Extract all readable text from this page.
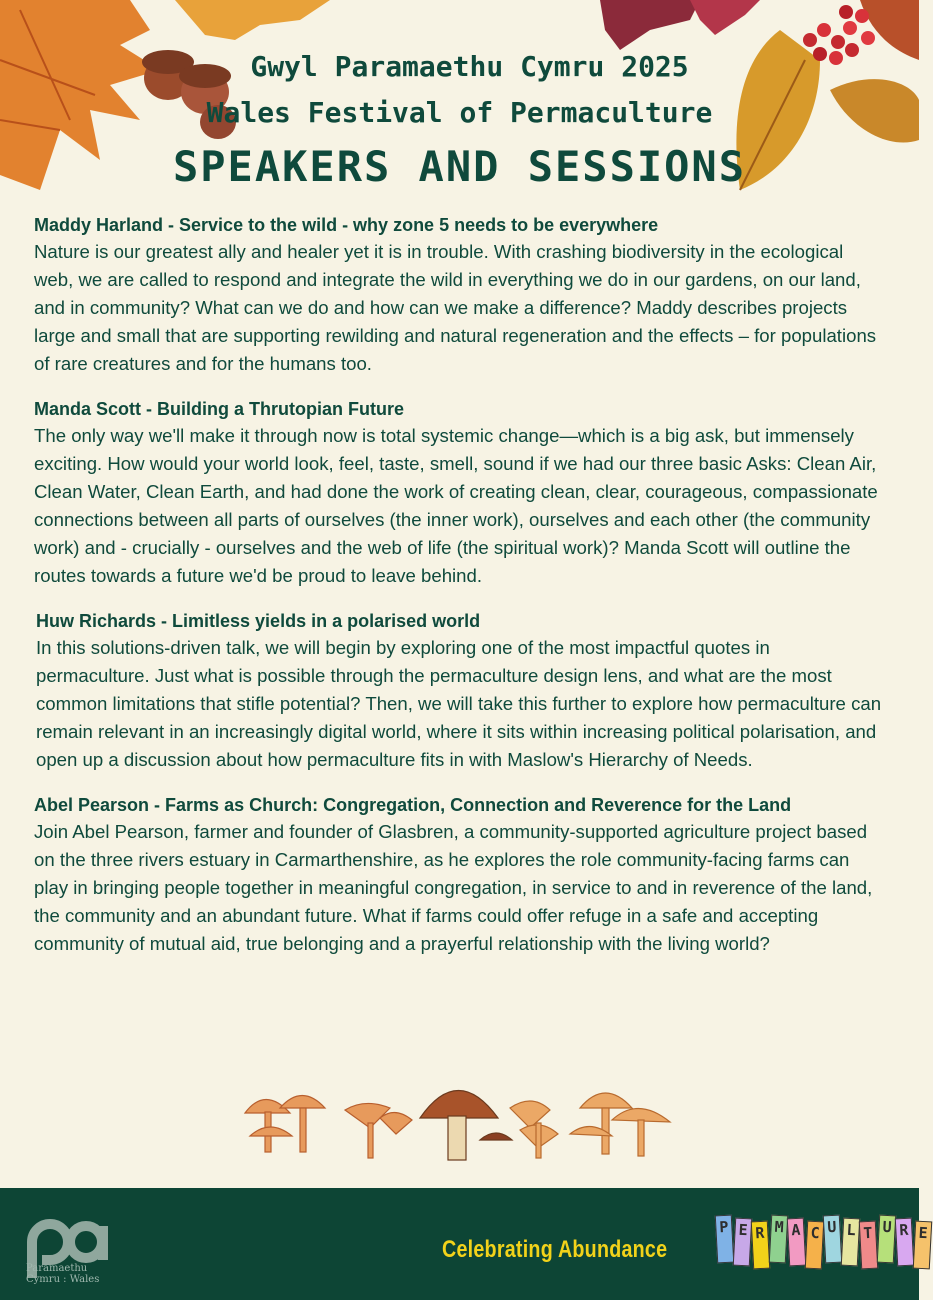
Gwyl Paramaethu Cymru 2025
Wales Festival of Permaculture
SPEAKERS AND SESSIONS
Maddy Harland - Service to the wild - why zone 5 needs to be everywhere

Nature is our greatest ally and healer yet it is in trouble. With crashing biodiversity in the ecological web, we are called to respond and integrate the wild in everything we do in our gardens, on our land, and in community? What can we do and how can we make a difference? Maddy describes projects large and small that are supporting rewilding and natural regeneration and the effects – for populations of rare creatures and for the humans too.

Manda Scott - Building a Thrutopian Future

The only way we'll make it through now is total systemic change—which is a big ask, but immensely exciting. How would your world look, feel, taste, smell, sound if we had our three basic Asks: Clean Air, Clean Water, Clean Earth, and had done the work of creating clean, clear, courageous, compassionate connections between all parts of ourselves (the inner work), ourselves and each other (the community work) and - crucially - ourselves and the web of life (the spiritual work)? Manda Scott will outline the routes towards a future we'd be proud to leave behind.

Huw Richards - Limitless yields in a polarised world

In this solutions-driven talk, we will begin by exploring one of the most impactful quotes in permaculture. Just what is possible through the permaculture design lens, and what are the most common limitations that stifle potential? Then, we will take this further to explore how permaculture can remain relevant in an increasingly digital world, where it sits within increasing political polarisation, and open up a discussion about how permaculture fits in with Maslow's Hierarchy of Needs.

Abel Pearson - Farms as Church: Congregation, Connection and Reverence for the Land

Join Abel Pearson, farmer and founder of Glasbren, a community-supported agriculture project based on the three rivers estuary in Carmarthenshire, as he explores the role community-facing farms can play in bringing people together in meaningful congregation, in service to and in reverence of the land, the community and an abundant future. What if farms could offer refuge in a safe and accepting community of mutual aid, true belonging and a prayerful relationship with the living world?

Paramaethu
Cymru : Wales
Celebrating Abundance
P E R M A C U L T U R E
